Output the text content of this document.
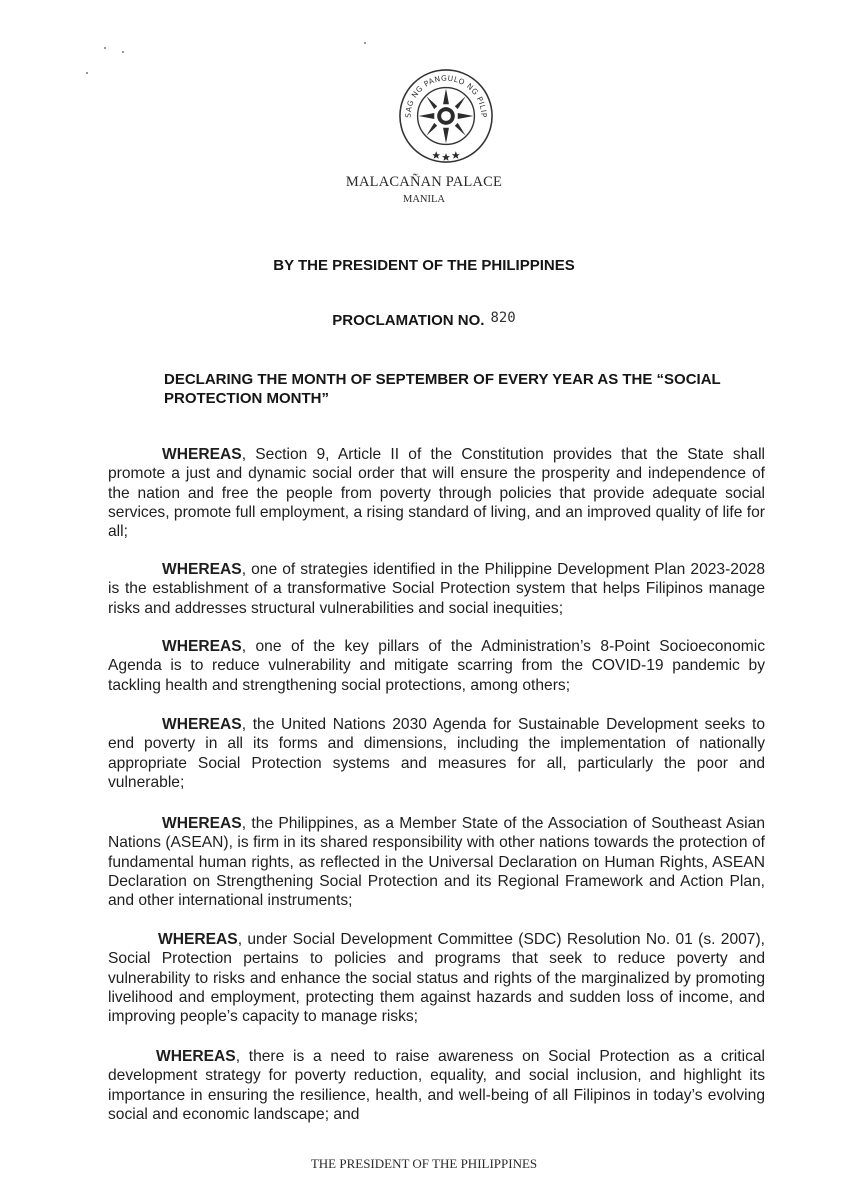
SAG NG PANGULO NG PILIP
MALACAÑAN PALACE
MANILA
BY THE PRESIDENT OF THE PHILIPPINES
PROCLAMATION NO. 820
DECLARING THE MONTH OF SEPTEMBER OF EVERY YEAR AS THE “SOCIAL PROTECTION MONTH”
WHEREAS, Section 9, Article II of the Constitution provides that the State shall promote a just and dynamic social order that will ensure the prosperity and independence of the nation and free the people from poverty through policies that provide adequate social services, promote full employment, a rising standard of living, and an improved quality of life for all;
WHEREAS, one of strategies identified in the Philippine Development Plan 2023-2028 is the establishment of a transformative Social Protection system that helps Filipinos manage risks and addresses structural vulnerabilities and social inequities;
WHEREAS, one of the key pillars of the Administration’s 8-Point Socioeconomic Agenda is to reduce vulnerability and mitigate scarring from the COVID-19 pandemic by tackling health and strengthening social protections, among others;
WHEREAS, the United Nations 2030 Agenda for Sustainable Development seeks to end poverty in all its forms and dimensions, including the implementation of nationally appropriate Social Protection systems and measures for all, particularly the poor and vulnerable;
WHEREAS, the Philippines, as a Member State of the Association of Southeast Asian Nations (ASEAN), is firm in its shared responsibility with other nations towards the protection of fundamental human rights, as reflected in the Universal Declaration on Human Rights, ASEAN Declaration on Strengthening Social Protection and its Regional Framework and Action Plan, and other international instruments;
WHEREAS, under Social Development Committee (SDC) Resolution No. 01 (s. 2007), Social Protection pertains to policies and programs that seek to reduce poverty and vulnerability to risks and enhance the social status and rights of the marginalized by promoting livelihood and employment, protecting them against hazards and sudden loss of income, and improving people’s capacity to manage risks;
WHEREAS, there is a need to raise awareness on Social Protection as a critical development strategy for poverty reduction, equality, and social inclusion, and highlight its importance in ensuring the resilience, health, and well-being of all Filipinos in today’s evolving social and economic landscape; and
THE PRESIDENT OF THE PHILIPPINES
